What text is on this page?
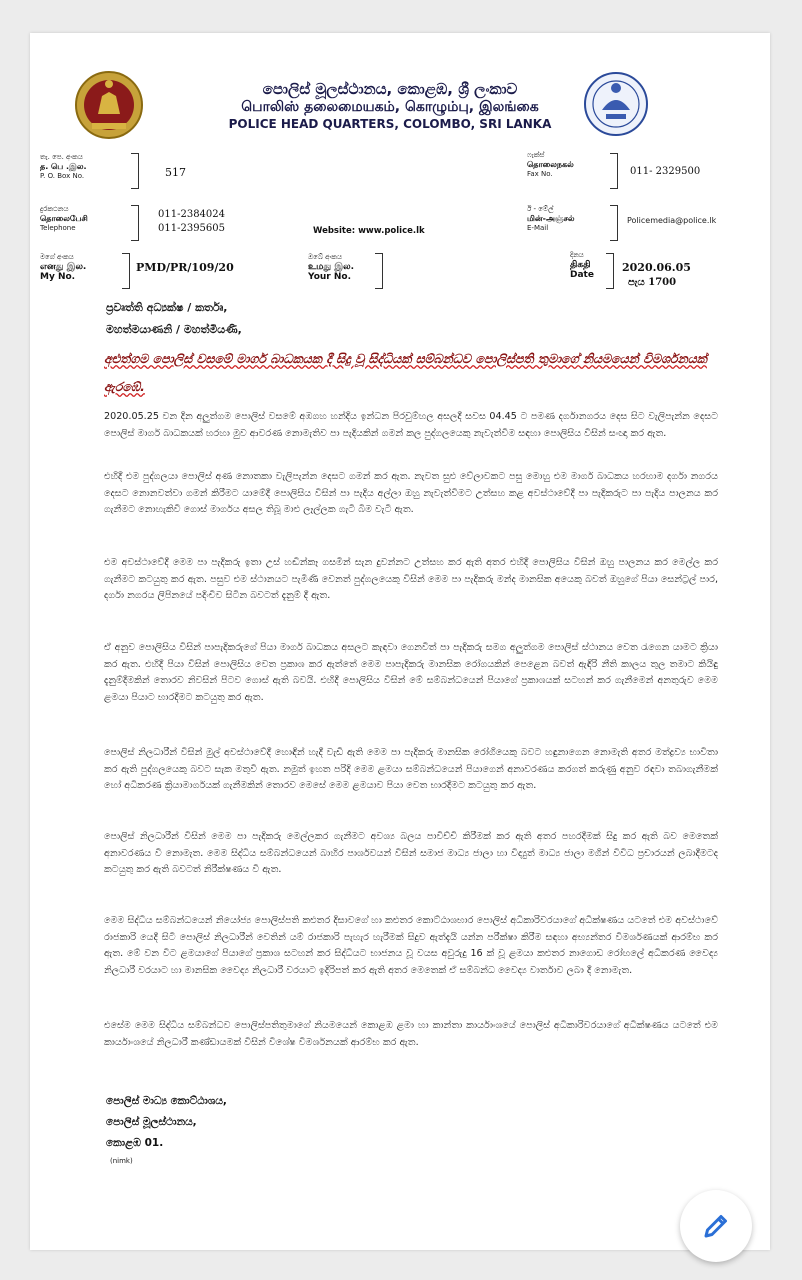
පොලිස් මූලස්ථානය, කොළඹ, ශ්‍රී ලංකාව
பொலிஸ் தலைமையகம், கொழும்பு, இலங்கை
POLICE HEAD QUARTERS, COLOMBO, SRI LANKA
තැ. පෙ. අංකය
த. பெ .இல.
P. O. Box No.	517
ෆැක්ස්
தொலைநகல்
Fax No.	011- 2329500
දුරකථනය
தொலைபேசி
Telephone
011-2384024
011-2395605	Website: www.police.lk
ඊ - මේල්
மின்-அஞ்சல்
E-Mail
Policemedia@police.lk
මගේ අංකය
எனது இல.
My No.
PMD/PR/109/20
ඔබේ අංකය
உமது இல.
Your No.
දිනය
திகதி
Date
2020.06.05
පැය 1700
ප්‍රවෘත්ති අධ්‍යක්ෂ / කර්තෘ,
මහත්මයාණනි / මහත්මියණි,
අළුත්ගම පොලිස් වසමේ මාර්ග බාධකයක දී සිදු වූ සිද්ධියක් සම්බන්ධව පොලිස්පති තුමාගේ නියමයෙන් විමර්ශනයක් ඇරඹේ.
2020.05.25 වන දින අලුත්ගම පොලිස් වසමේ අඹගහ හන්දිය ඉන්ධන පිරවුම්හල අසලදී සවස 04.45 ට පමණ දර්ගානගරය දෙස සිට වැලිපැන්න දෙසට පොලිස් මාර්ග බාධකයක් හරහා මුව ආවරණ නොමැතිව පා පැදියකින් ගමන් කල පුද්ගලයෙකු නැවැත්වීම සඳහා පොලිසිය විසින් සංඥා කර ඇත.
එහිදී එම පුද්ගලයා පොලිස් අණ නොතකා වැලිපැන්න දෙසට ගමන් කර ඇත. නැවත සුළු වේලාවකට පසු මොහු එම මාර්ග බාධකය හරහාම දර්ගා නගරය දෙසට නොනවත්වා ගමන් කිරීමට යාමේදී පොලිසිය විසින් පා පැදිය අල්ලා ඔහු නැවැත්වීමට උත්සහ කළ අවස්ථාවේදී පා පැදිකරුට පා පැදිය පාලනය කර ගැනීමට නොහැකිවී ගොස් මාර්ගය අසල තිබූ මාළු ලෑල්ලක ගැටී බිම වැටී ඇත.
එම අවස්ථාවේදී මෙම පා පැදිකරු ඉතා උස් හඬින්කෑ ගසමින් සැන දුවන්නට උත්සහ කර ඇති අතර එහිදී පොලිසිය විසින් ඔහු පාලනය කර මෙල්ල කර ගැනීමට කටයුතු කර ඇත. පසුව එම ස්ථානයට පැමිණි වෙනත් පුද්ගලයෙකු විසින් මෙම පා පැදිකරු මන්ද මානසික අයෙකු බවත් ඔහුගේ පියා සෙන්ට්‍රල් පාර, දර්ගා නගරය ලිපිනයේ පදිංචිව සිටින බවටත් දැනුම් දී ඇත.
ඒ අනුව පොලිසිය විසින් පාපැදිකරුගේ පියා මාර්ග බාධකය අසලට කැඳවා ගෙනවිත් පා පැදිකරු සමග අලුත්ගම පොලිස් ස්ථානය වෙත රැගෙන යාමට ක්‍රියා කර ඇත. එහිදී පියා විසින් පොලිසිය වෙත ප්‍රකාශ කර ඇත්තේ මෙම පාපැදිකරු මානසික රෝගයකින් පෙළෙන බවත් ඇඳිරි නීති කාලය තුල තමාට කියිඳු දැනුම්දීමකින් තොරව නිවසින් පිටව ගොස් ඇති බවයි. එහිදී පොලිසිය විසින් මේ සම්බන්ධයෙන් පියාගේ ප්‍රකාශයක් සටහන් කර ගැනීමෙන් අනතුරුව මෙම ළමයා පියාට භාරදීමට කටයුතු කර ඇත.
පොලිස් නිලධාරීන් විසින් මුල් අවස්ථාවේදී හොඳින් හැදී වැඩී ඇති මෙම පා පැදිකරු මානසික රෝගියෙකු බවට හඳුනාගෙන නොමැති අතර මත්ද්‍රව්‍ය භාවිතා කර ඇති පුද්ගලයෙකු බවට සැක මතුවී ඇත. නමුත් ඉහත පරිදි මෙම ළමයා සම්බන්ධයෙන් පියාගෙන් අනාවරණය කරගත් කරුණු අනුව රඳවා තබාගැනීමක් හෝ අධිකරණ ක්‍රියාමාර්ගයක් ගැනීමකින් තොරව මෙසේ මෙම ළමයාව පියා වෙත භාරදීමට කටයුතු කර ඇත.
පොලිස් නිලධාරීන් විසින් මෙම පා පැදිකරු මෙල්ලකර ගැනීමට අවශ්‍ය බලය පාවිච්චි කිරීමක් කර ඇති අතර පහරදීමක් සිදු කර ඇති බව මෙතෙක් අනාවරණය වී නොමැත. මෙම සිද්ධිය සම්බන්ධයෙන් බාහිර පාර්ශවයන් විසින් සමාජ මාධ්‍ය ජාලා හා විද්‍යුත් මාධ්‍ය ජාලා මගින් විවිධ ප්‍රචාරයන් ලබාදීමටද කටයුතු කර ඇති බවටත් නිරීක්ෂණය වී ඇත.
මෙම සිද්ධිය සම්බන්ධයෙන් නියෝජ්‍ය පොලිස්පති කළුතර දිසාවගේ හා කළුතර කොට්ඨාශභාර පොලිස් අධිකාරිවරයාගේ අධීක්ෂණය යටතේ එම අවස්ථාවේ රාජකාරි යෙදී සිටි පොලිස් නිලධාරීන් වෙතින් යම් රාජකාරි පැහැර හැරීමක් සිදුව ඇත්දැයි යන්න පරීක්ෂා කිරීම සඳහා අභ්‍යන්තර විමර්ශණයක් ආරම්භ කර ඇත. මේ වන විට ළමයාගේ පියාගේ ප්‍රකාශ සටහන් කර සිද්ධියට භාජනය වූ වයස අවුරුදු 16 ක් වූ ළමයා කළුතර නාගොඩ රෝහලේ අධිකරණ වෛද්‍ය නිලධාරී වරයාට හා මානසික වෛද්‍ය නිලධාරී වරයාට ඉදිරිපත් කර ඇති අතර මෙතෙක් ඒ සම්බන්ධ වෛද්‍ය වාර්තාව ලබා දී නොමැත.
එසේම මෙම සිද්ධිය සම්බන්ධව පොලිස්පතිතුමාගේ නියමයෙන් කොළඹ ළමා හා කාන්තා කාර්යාංශයේ පොලිස් අධිකාරිවරයාගේ අධීක්ෂණය යටතේ එම කාර්යාංශයේ නිලධාරී කණ්ඩායමක් විසින් විශේෂ විමර්ශනයක් ආරම්භ කර ඇත.
පොලිස් මාධ්‍ය කොට්ඨාශය,
පොලිස් මූලස්ථානය,
කොළඹ 01.
(nimk)
